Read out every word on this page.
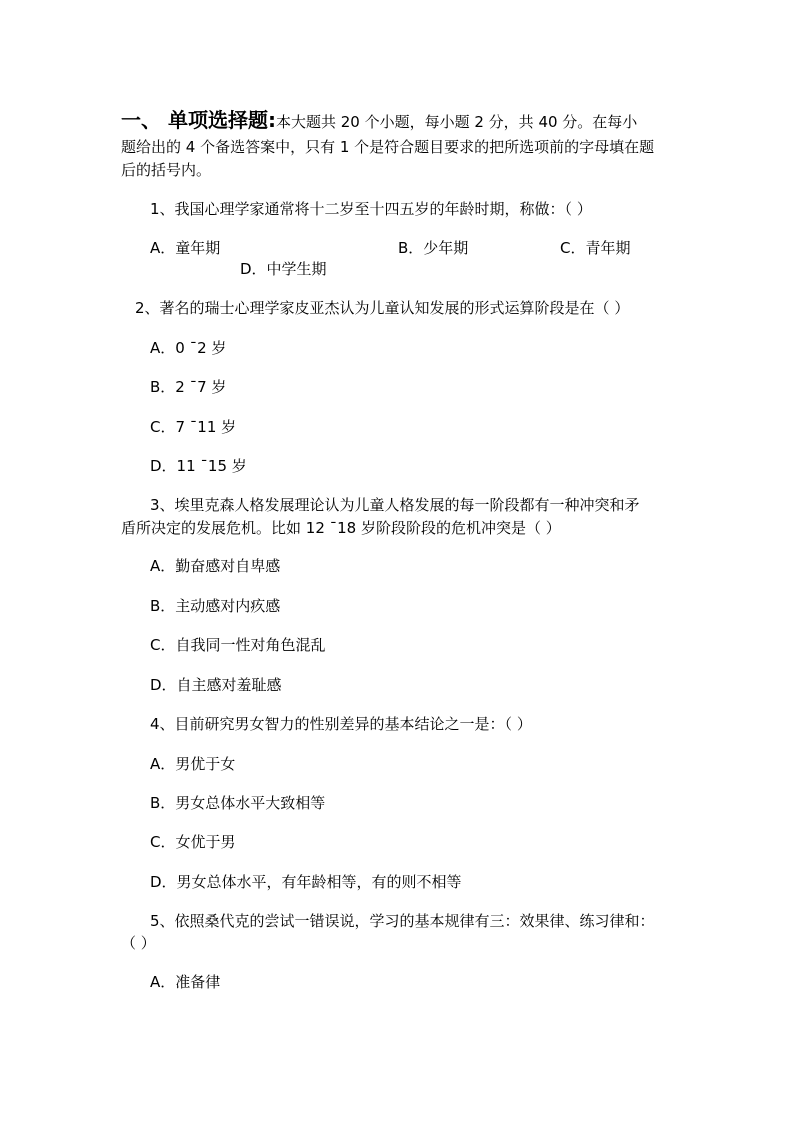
一、 单项选择题:本大题共 20 个小题，每小题 2 分，共 40 分。在每小
题给出的 4 个备选答案中，只有 1 个是符合题目要求的把所选项前的字母填在题
后的括号内。
1、我国心理学家通常将十二岁至十四五岁的年龄时期，称做：（ ）
A．童年期	B．少年期	C．青年期
D．中学生期
2、著名的瑞士心理学家皮亚杰认为儿童认知发展的形式运算阶段是在（ ）
A．0 ¯2 岁
B．2 ¯7 岁
C．7 ¯11 岁
D．11 ¯15 岁
3、埃里克森人格发展理论认为儿童人格发展的每一阶段都有一种冲突和矛
盾所决定的发展危机。比如 12 ¯18 岁阶段阶段的危机冲突是（ ）
A．勤奋感对自卑感
B．主动感对内疚感
C．自我同一性对角色混乱
D．自主感对羞耻感
4、目前研究男女智力的性别差异的基本结论之一是：（ ）
A．男优于女
B．男女总体水平大致相等
C．女优于男
D．男女总体水平，有年龄相等，有的则不相等
5、依照桑代克的尝试一错误说，学习的基本规律有三：效果律、练习律和：
（ ）
A．准备律
